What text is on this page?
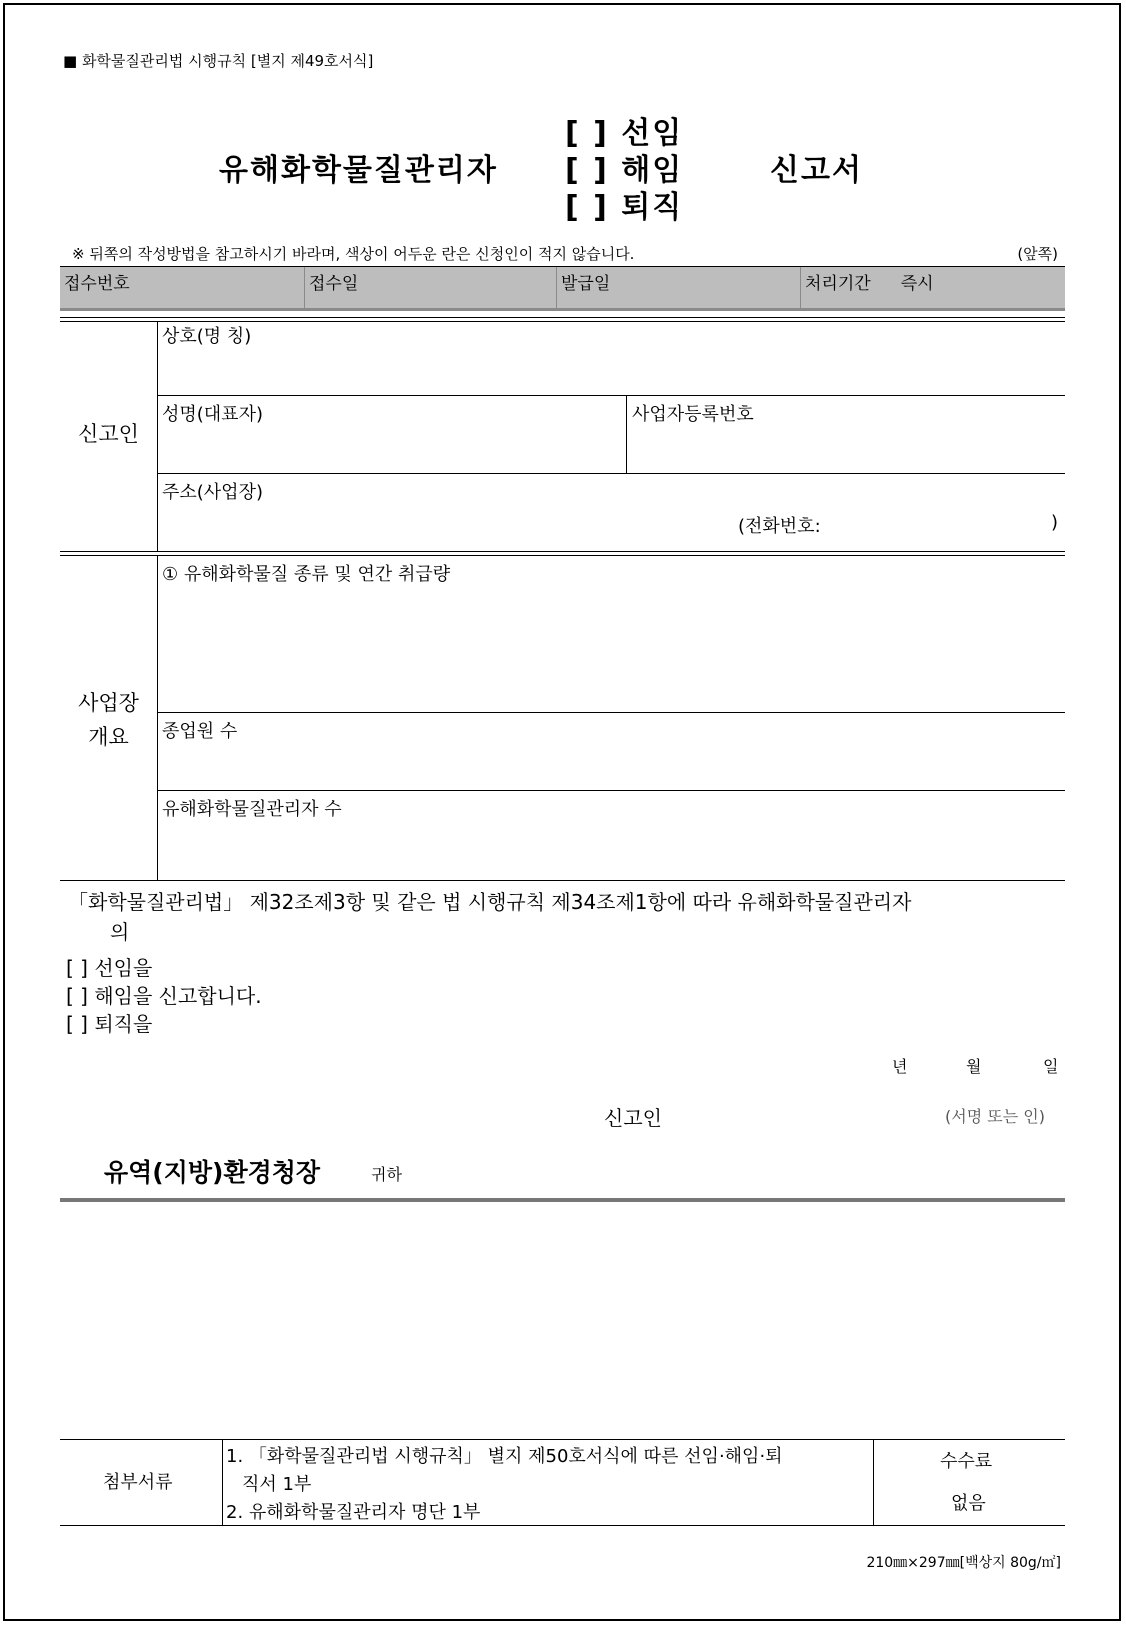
■ 화학물질관리법 시행규칙 [별지 제49호서식]
유해화학물질관리자
[ ] 선임
[ ] 해임
[ ] 퇴직
신고서
※ 뒤쪽의 작성방법을 참고하시기 바라며, 색상이 어두운 란은 신청인이 적지 않습니다.	(앞쪽)
접수번호	접수일	발급일	처리기간 즉시
신고인
상호(명 칭)
성명(대표자)	사업자등록번호
주소(사업장)
(전화번호:	)
사업장
개요
① 유해화학물질 종류 및 연간 취급량
종업원 수
유해화학물질관리자 수
「화학물질관리법」 제32조제3항 및 같은 법 시행규칙 제34조제1항에 따라 유해화학물질관리자
의
[ ] 선임을
[ ] 해임을 신고합니다.
[ ] 퇴직을
년	월	일
신고인	(서명 또는 인)
유역(지방)환경청장	귀하
첨부서류
1. 「화학물질관리법 시행규칙」 별지 제50호서식에 따른 선임·해임·퇴
직서 1부
2. 유해화학물질관리자 명단 1부
수수료
없음
210㎜×297㎜[백상지 80g/㎡]
